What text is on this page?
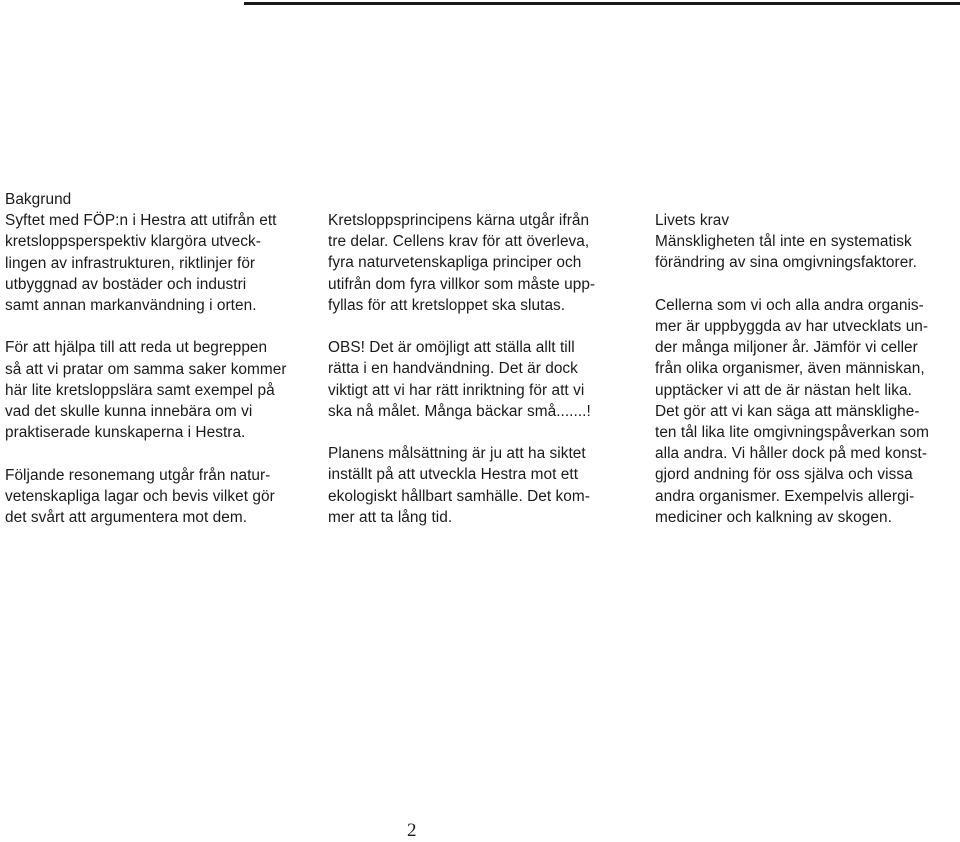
Bakgrund

Syftet med FÖP:n i Hestra att utifrån ett
kretsloppsperspektiv klargöra utveck-
lingen av infrastrukturen, riktlinjer för
utbyggnad av bostäder och industri
samt annan markanvändning i orten.

För att hjälpa till att reda ut begreppen
så att vi pratar om samma saker kommer
här lite kretsloppslära samt exempel på
vad det skulle kunna innebära om vi
praktiserade kunskaperna i Hestra.

Följande resonemang utgår från natur-
vetenskapliga lagar och bevis vilket gör
det svårt att argumentera mot dem.

Kretsloppsprincipens kärna utgår ifrån
tre delar. Cellens krav för att överleva,
fyra naturvetenskapliga principer och
utifrån dom fyra villkor som måste upp-
fyllas för att kretsloppet ska slutas.

OBS! Det är omöjligt att ställa allt till
rätta i en handvändning. Det är dock
viktigt att vi har rätt inriktning för att vi
ska nå målet. Många bäckar små.......!

Planens målsättning är ju att ha siktet
inställt på att utveckla Hestra mot ett
ekologiskt hållbart samhälle. Det kom-
mer att ta lång tid.

Livets krav

Mänskligheten tål inte en systematisk
förändring av sina omgivningsfaktorer.

Cellerna som vi och alla andra organis-
mer är uppbyggda av har utvecklats un-
der många miljoner år. Jämför vi celler
från olika organismer, även människan,
upptäcker vi att de är nästan helt lika.
Det gör att vi kan säga att mänsklighe-
ten tål lika lite omgivningspåverkan som
alla andra. Vi håller dock på med konst-
gjord andning för oss själva och vissa
andra organismer. Exempelvis allergi-
mediciner och kalkning av skogen.

2
